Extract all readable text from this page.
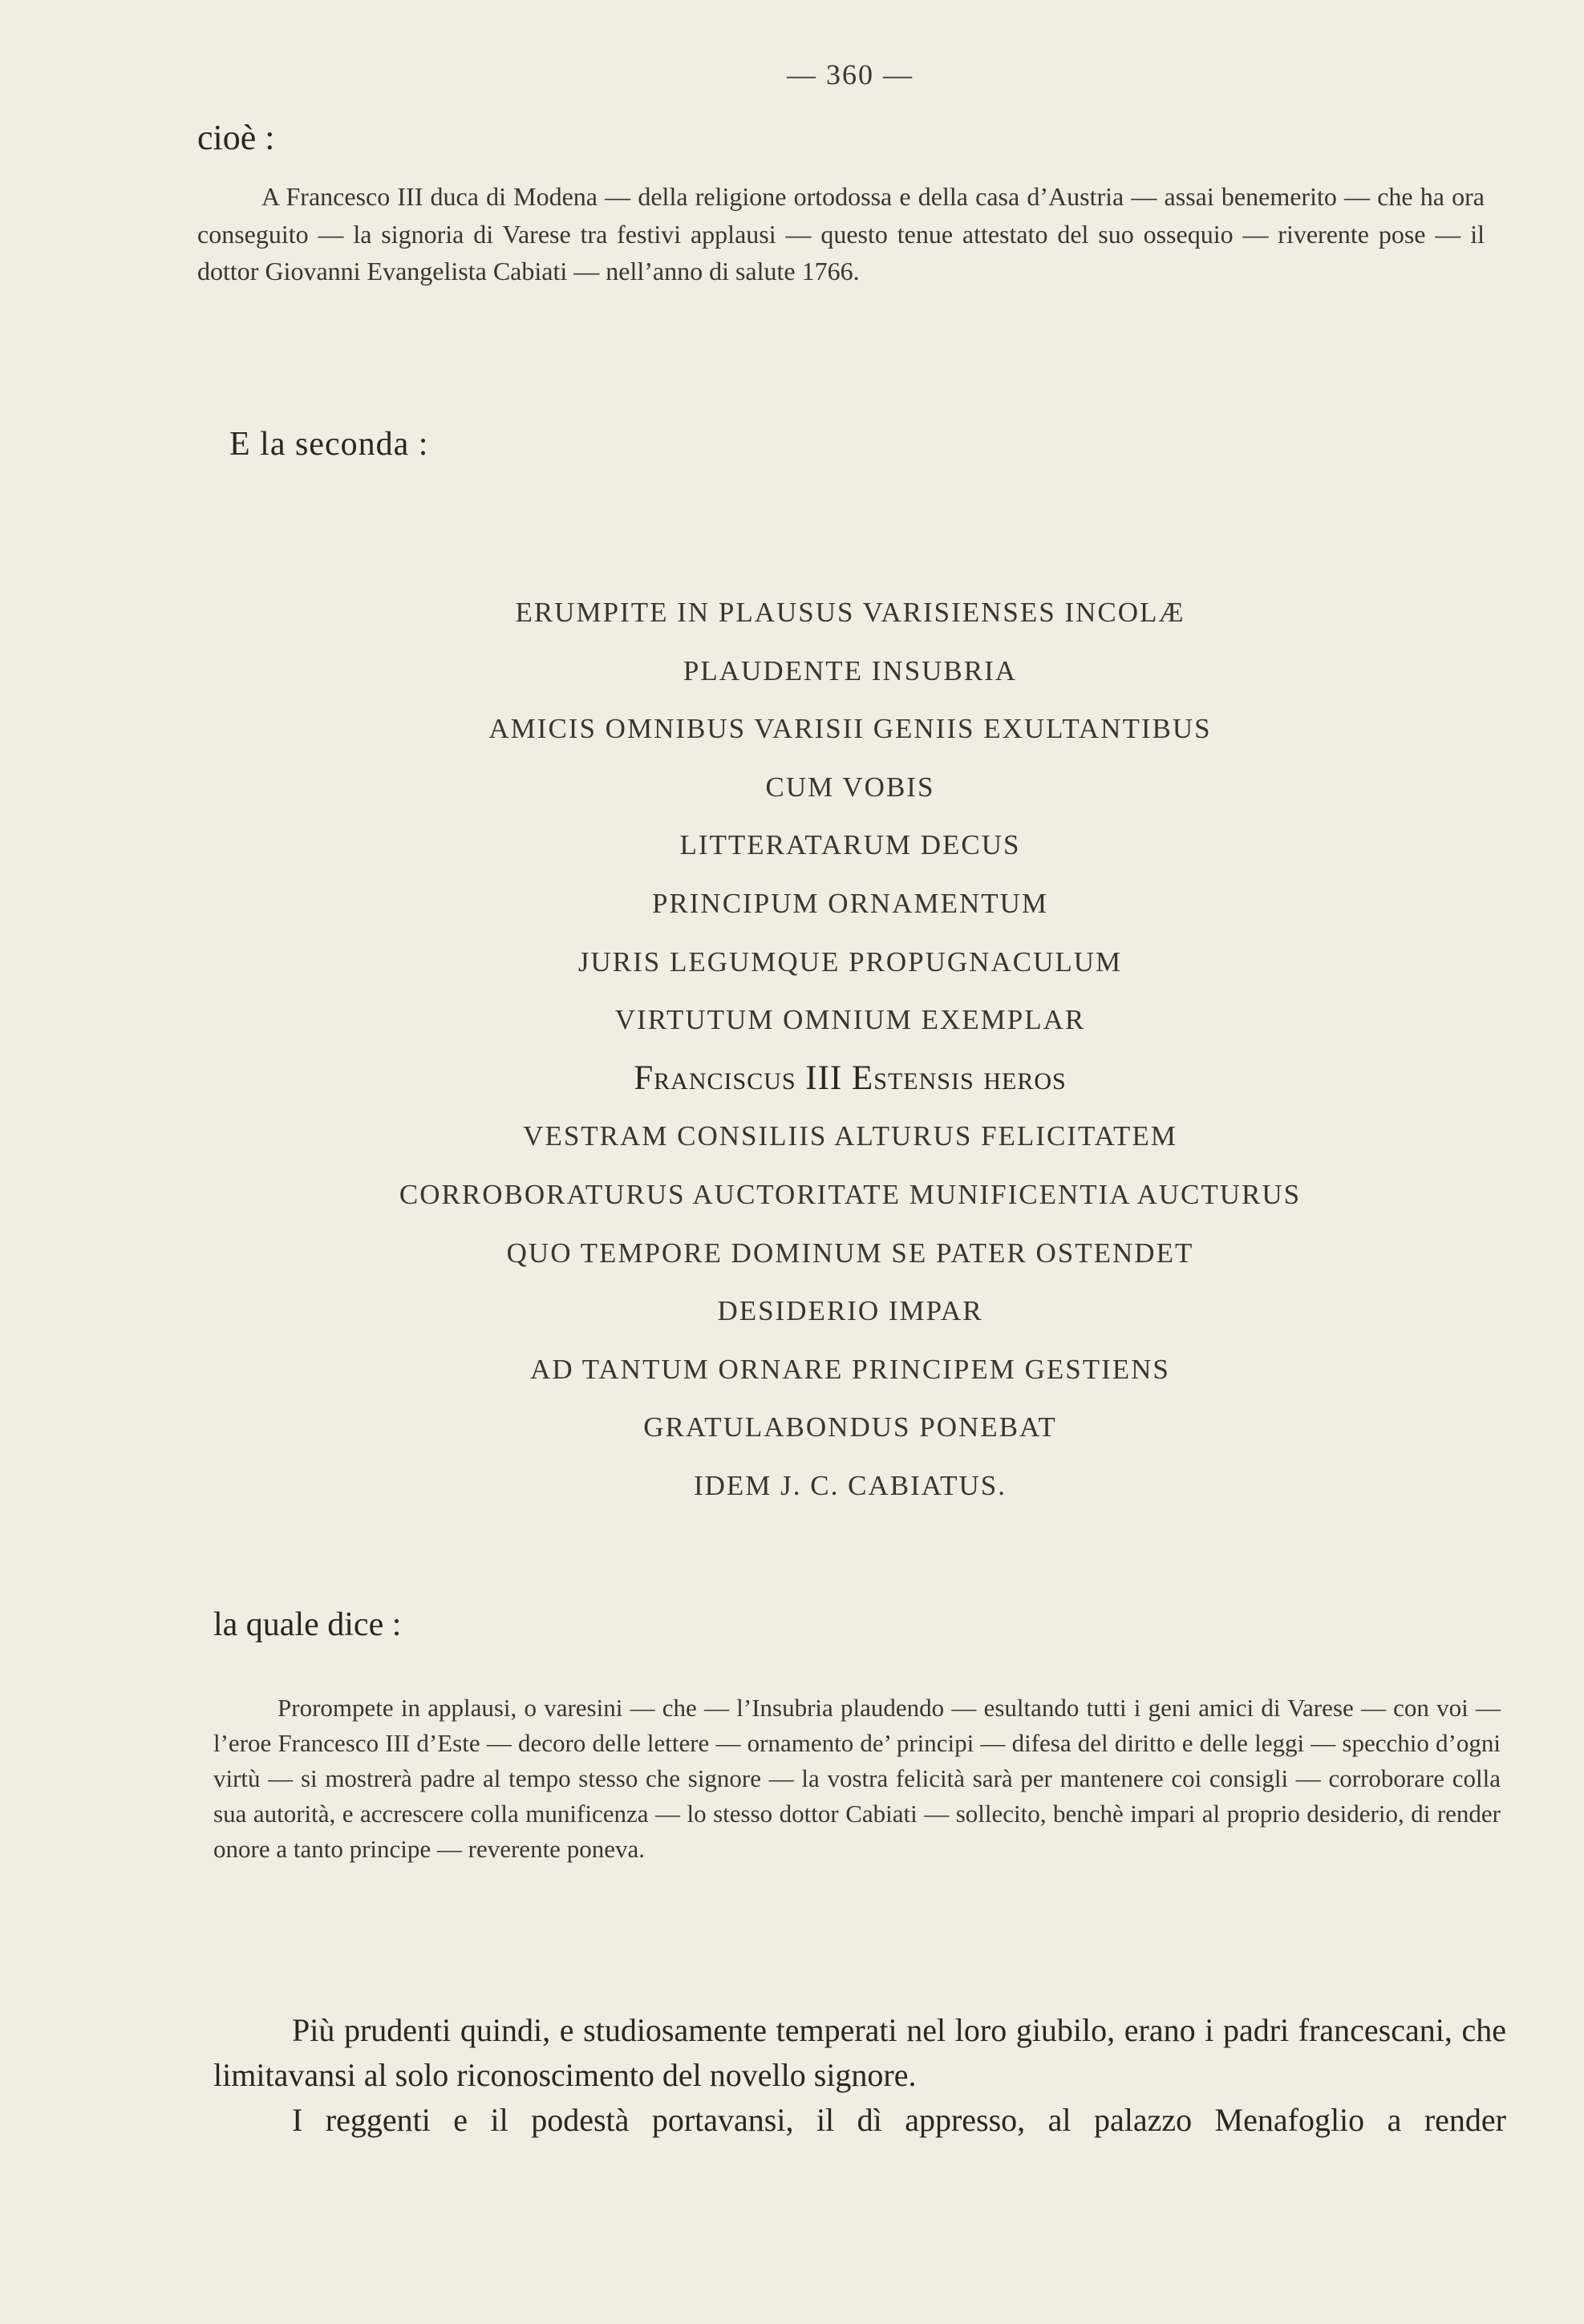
— 360 —
cioè :
A Francesco III duca di Modena — della religione ortodossa e della casa d’Austria — assai benemerito — che ha ora conseguito — la signoria di Varese tra festivi applausi — questo tenue attestato del suo ossequio — riverente pose — il dottor Giovanni Evangelista Cabiati — nell’anno di salute 1766.
E la seconda :
ERUMPITE IN PLAUSUS VARISIENSES INCOLÆ
PLAUDENTE INSUBRIA
AMICIS OMNIBUS VARISII GENIIS EXULTANTIBUS
CUM VOBIS
LITTERATARUM DECUS
PRINCIPUM ORNAMENTUM
JURIS LEGUMQUE PROPUGNACULUM
VIRTUTUM OMNIUM EXEMPLAR
Franciscus III Estensis heros
VESTRAM CONSILIIS ALTURUS FELICITATEM
CORROBORATURUS AUCTORITATE MUNIFICENTIA AUCTURUS
QUO TEMPORE DOMINUM SE PATER OSTENDET
DESIDERIO IMPAR
AD TANTUM ORNARE PRINCIPEM GESTIENS
GRATULABONDUS PONEBAT
IDEM J. C. CABIATUS.
la quale dice :
Prorompete in applausi, o varesini — che — l’Insubria plaudendo — esultando tutti i geni amici di Varese — con voi — l’eroe Francesco III d’Este — decoro delle lettere — ornamento de’ principi — difesa del diritto e delle leggi — specchio d’ogni virtù — si mostrerà padre al tempo stesso che signore — la vostra felicità sarà per mantenere coi consigli — corroborare colla sua autorità, e accrescere colla munificenza — lo stesso dottor Cabiati — sollecito, benchè impari al proprio desiderio, di render onore a tanto principe — reverente poneva.

Più prudenti quindi, e studiosamente temperati nel loro giubilo, erano i padri francescani, che limitavansi al solo riconoscimento del novello signore.

I reggenti e il podestà portavansi, il dì appresso, al palazzo Menafoglio a render
